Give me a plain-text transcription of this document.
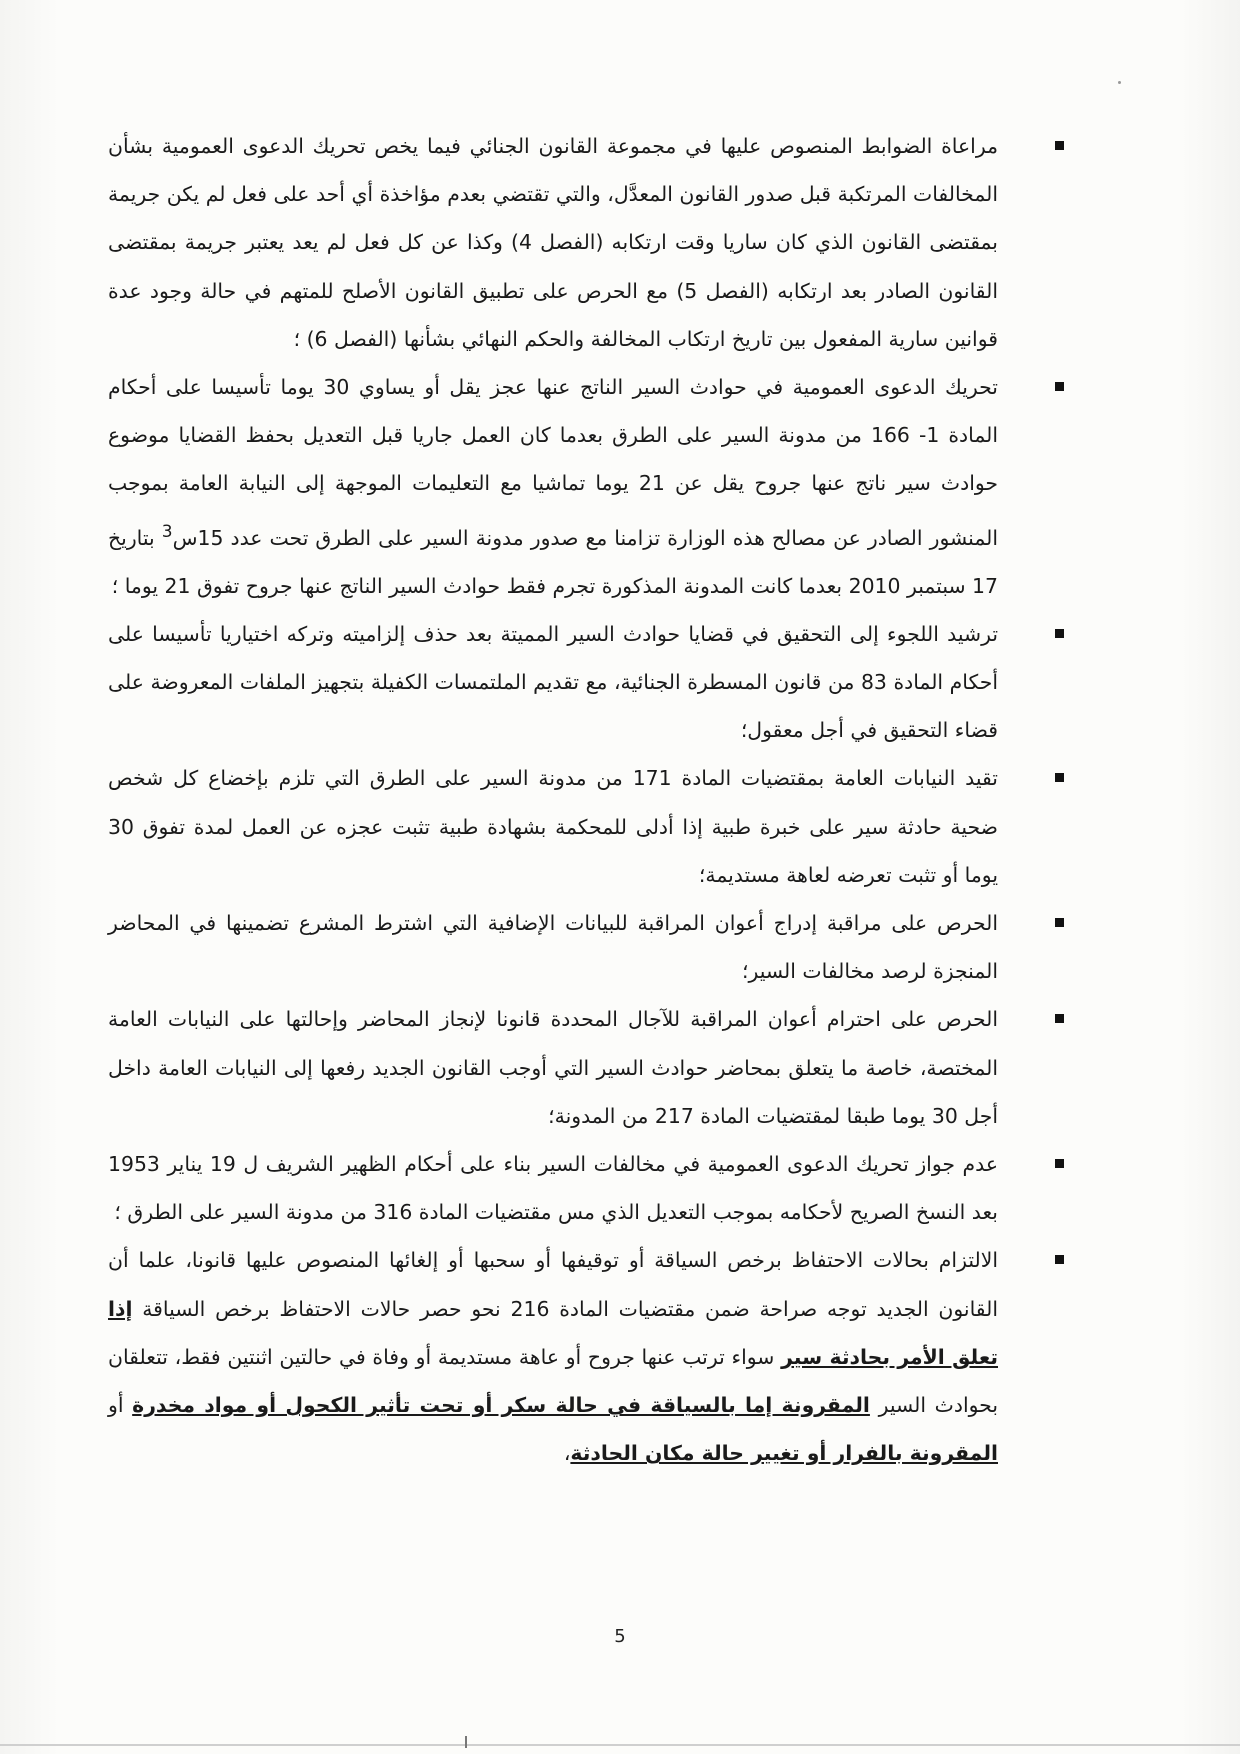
مراعاة الضوابط المنصوص عليها في مجموعة القانون الجنائي فيما يخص تحريك الدعوى العمومية بشأن المخالفات المرتكبة قبل صدور القانون المعدَّل، والتي تقتضي بعدم مؤاخذة أي أحد على فعل لم يكن جريمة بمقتضى القانون الذي كان ساريا وقت ارتكابه (الفصل 4) وكذا عن كل فعل لم يعد يعتبر جريمة بمقتضى القانون الصادر بعد ارتكابه (الفصل 5) مع الحرص على تطبيق القانون الأصلح للمتهم في حالة وجود عدة قوانين سارية المفعول بين تاريخ ارتكاب المخالفة والحكم النهائي بشأنها (الفصل 6) ؛
تحريك الدعوى العمومية في حوادث السير الناتج عنها عجز يقل أو يساوي 30 يوما تأسيسا على أحكام المادة 1- 166 من مدونة السير على الطرق بعدما كان العمل جاريا قبل التعديل بحفظ القضايا موضوع حوادث سير ناتج عنها جروح يقل عن 21 يوما تماشيا مع التعليمات الموجهة إلى النيابة العامة بموجب المنشور الصادر عن مصالح هذه الوزارة تزامنا مع صدور مدونة السير على الطرق تحت عدد 15س$^3$ بتاريخ 17 سبتمبر 2010 بعدما كانت المدونة المذكورة تجرم فقط حوادث السير الناتج عنها جروح تفوق 21 يوما ؛
ترشيد اللجوء إلى التحقيق في قضايا حوادث السير المميتة بعد حذف إلزاميته وتركه اختياريا تأسيسا على أحكام المادة 83 من قانون المسطرة الجنائية، مع تقديم الملتمسات الكفيلة بتجهيز الملفات المعروضة على قضاء التحقيق في أجل معقول؛
تقيد النيابات العامة بمقتضيات المادة 171 من مدونة السير على الطرق التي تلزم بإخضاع كل شخص ضحية حادثة سير على خبرة طبية إذا أدلى للمحكمة بشهادة طبية تثبت عجزه عن العمل لمدة تفوق 30 يوما أو تثبت تعرضه لعاهة مستديمة؛
الحرص على مراقبة إدراج أعوان المراقبة للبيانات الإضافية التي اشترط المشرع تضمينها في المحاضر المنجزة لرصد مخالفات السير؛
الحرص على احترام أعوان المراقبة للآجال المحددة قانونا لإنجاز المحاضر وإحالتها على النيابات العامة المختصة، خاصة ما يتعلق بمحاضر حوادث السير التي أوجب القانون الجديد رفعها إلى النيابات العامة داخل أجل 30 يوما طبقا لمقتضيات المادة 217 من المدونة؛
عدم جواز تحريك الدعوى العمومية في مخالفات السير بناء على أحكام الظهير الشريف ل 19 يناير 1953 بعد النسخ الصريح لأحكامه بموجب التعديل الذي مس مقتضيات المادة 316 من مدونة السير على الطرق ؛
الالتزام بحالات الاحتفاظ برخص السياقة أو توقيفها أو سحبها أو إلغائها المنصوص عليها قانونا، علما أن القانون الجديد توجه صراحة ضمن مقتضيات المادة 216 نحو حصر حالات الاحتفاظ برخص السياقة إذا تعلق الأمر بحادثة سير سواء ترتب عنها جروح أو عاهة مستديمة أو وفاة في حالتين اثنتين فقط، تتعلقان بحوادث السير المقرونة إما بالسياقة في حالة سكر أو تحت تأثير الكحول أو مواد مخدرة أو المقرونة بالفرار أو تغيير حالة مكان الحادثة،
5
